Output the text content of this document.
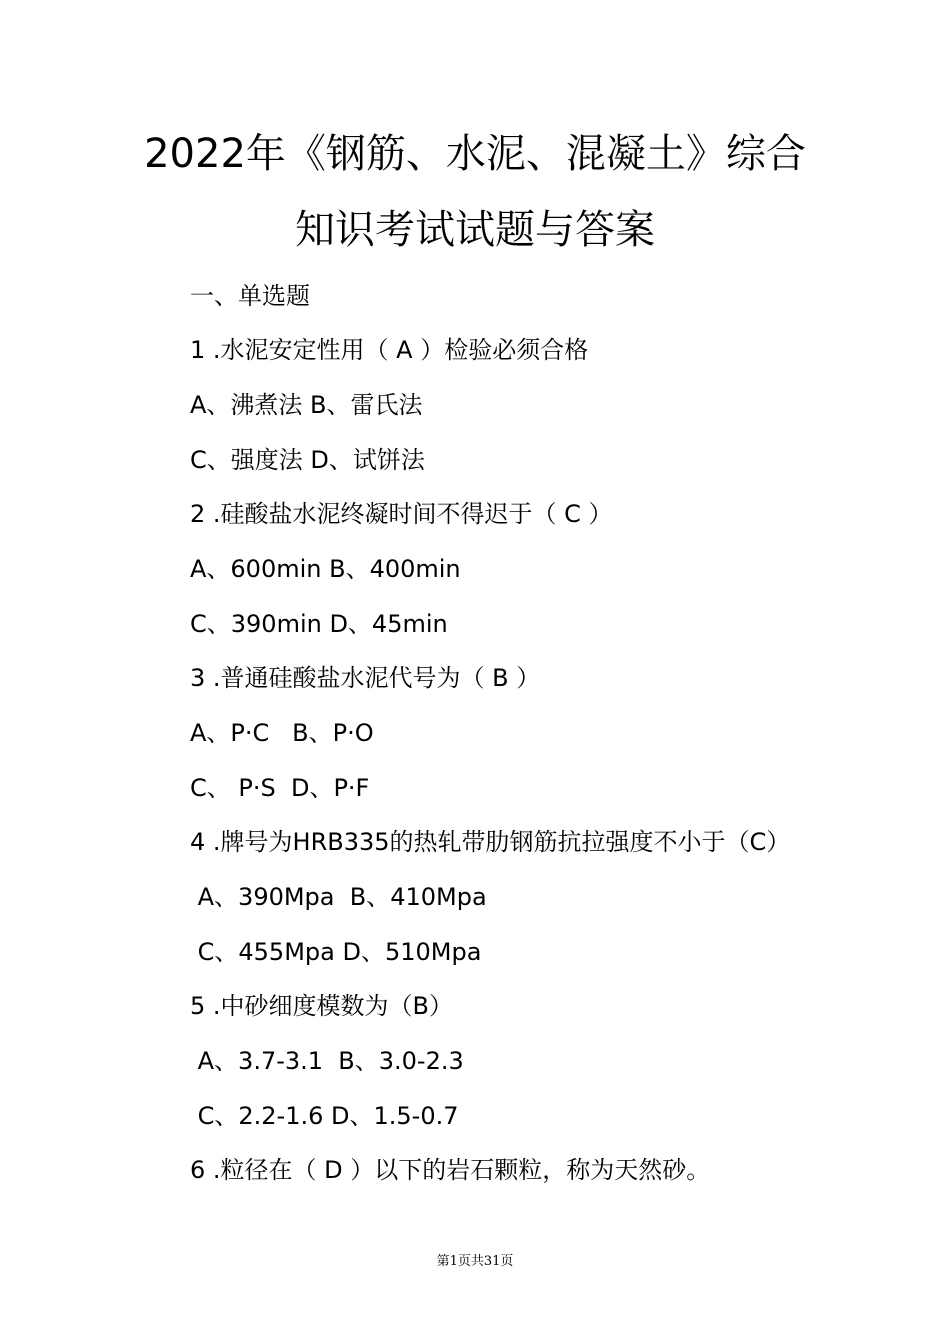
2022年《钢筋、水泥、混凝土》综合
知识考试试题与答案
一、单选题
1 .水泥安定性用（ A ）检验必须合格
A、沸煮法 B、雷氏法
C、强度法 D、试饼法
2 .硅酸盐水泥终凝时间不得迟于（ C ）
A、600min B、400min
C、390min D、45min
3 .普通硅酸盐水泥代号为（ B ）
A、P·C   B、P·O
C、 P·S  D、P·F
4 .牌号为HRB335的热轧带肋钢筋抗拉强度不小于（C）
A、390Mpa  B、410Mpa
C、455Mpa D、510Mpa
5 .中砂细度模数为（B）
A、3.7-3.1  B、3.0-2.3
C、2.2-1.6 D、1.5-0.7
6 .粒径在（ D ）以下的岩石颗粒，称为天然砂。
第1页共31页
